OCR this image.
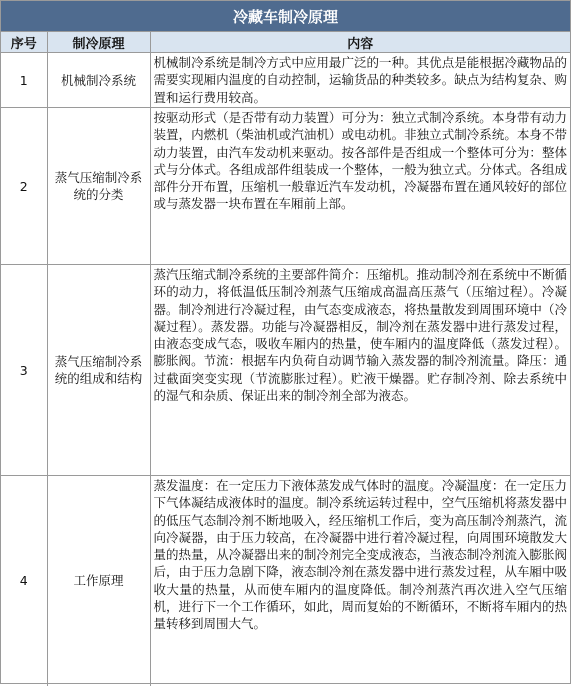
冷藏车制冷原理
序号	制冷原理	内容
1	机械制冷系统	机械制冷系统是制冷方式中应用最广泛的一种。其优点是能根据冷藏物品的需要实现厢内温度的自动控制，运输货品的种类较多。缺点为结构复杂、购置和运行费用较高。
2	蒸气压缩制冷系统的分类	按驱动形式（是否带有动力装置）可分为：独立式制冷系统。本身带有动力装置，内燃机（柴油机或汽油机）或电动机。非独立式制冷系统。本身不带动力装置，由汽车发动机来驱动。按各部件是否组成一个整体可分为：整体式与分体式。各组成部件组装成一个整体，一般为独立式。分体式。各组成部件分开布置，压缩机一般靠近汽车发动机，冷凝器布置在通风较好的部位或与蒸发器一块布置在车厢前上部。
3	蒸气压缩制冷系统的组成和结构	蒸汽压缩式制冷系统的主要部件简介：压缩机。推动制冷剂在系统中不断循环的动力，将低温低压制冷剂蒸气压缩成高温高压蒸气（压缩过程）。冷凝器。制冷剂进行冷凝过程，由气态变成液态，将热量散发到周围环境中（冷凝过程）。蒸发器。功能与冷凝器相反，制冷剂在蒸发器中进行蒸发过程，由液态变成气态，吸收车厢内的热量，使车厢内的温度降低（蒸发过程）。膨胀阀。节流：根据车内负荷自动调节输入蒸发器的制冷剂流量。降压：通过截面突变实现（节流膨胀过程）。贮液干燥器。贮存制冷剂、除去系统中的湿气和杂质、保证出来的制冷剂全部为液态。
4	工作原理	蒸发温度：在一定压力下液体蒸发成气体时的温度。冷凝温度：在一定压力下气体凝结成液体时的温度。制冷系统运转过程中，空气压缩机将蒸发器中的低压气态制冷剂不断地吸入，经压缩机工作后，变为高压制冷剂蒸汽，流向冷凝器，由于压力较高，在冷凝器中进行着冷凝过程，向周围环境散发大量的热量，从冷凝器出来的制冷剂完全变成液态，当液态制冷剂流入膨胀阀后，由于压力急剧下降，液态制冷剂在蒸发器中进行蒸发过程，从车厢中吸收大量的热量，从而使车厢内的温度降低。制冷剂蒸汽再次进入空气压缩机，进行下一个工作循环，如此，周而复始的不断循环，不断将车厢内的热量转移到周围大气。
